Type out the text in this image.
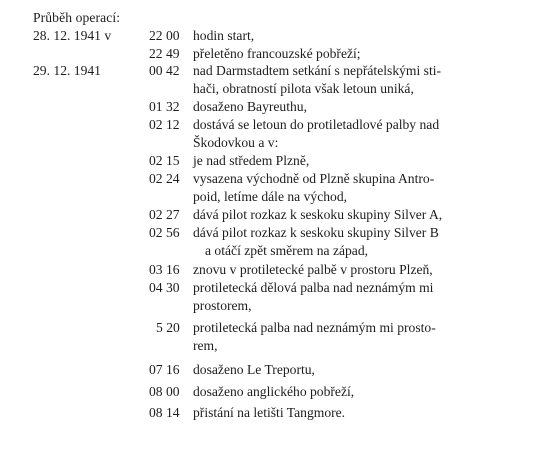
Průběh operací:
28. 12. 1941 v	22 00 hodin start,
22 49 přeletěno francouzské pobřeží;
29. 12. 1941	00 42 nad Darmstadtem setkání s nepřátelskými sti-
hači, obratností pilota však letoun uniká,
01 32 dosaženo Bayreuthu,
02 12 dostává se letoun do protiletadlové palby nad
Škodovkou a v:
02 15 je nad středem Plzně,
02 24 vysazena východně od Plzně skupina Antro-
poid, letíme dále na východ,
02 27 dává pilot rozkaz k seskoku skupiny Silver A,
02 56 dává pilot rozkaz k seskoku skupiny Silver B
a otáčí zpět směrem na západ,
03 16 znovu v protiletecké palbě v prostoru Plzeň,
04 30 protiletecká dělová palba nad neznámým mi
prostorem,
5 20 protiletecká palba nad neznámým mi prosto-
rem,
07 16 dosaženo Le Treportu,
08 00 dosaženo anglického pobřeží,
08 14 přistání na letišti Tangmore.
